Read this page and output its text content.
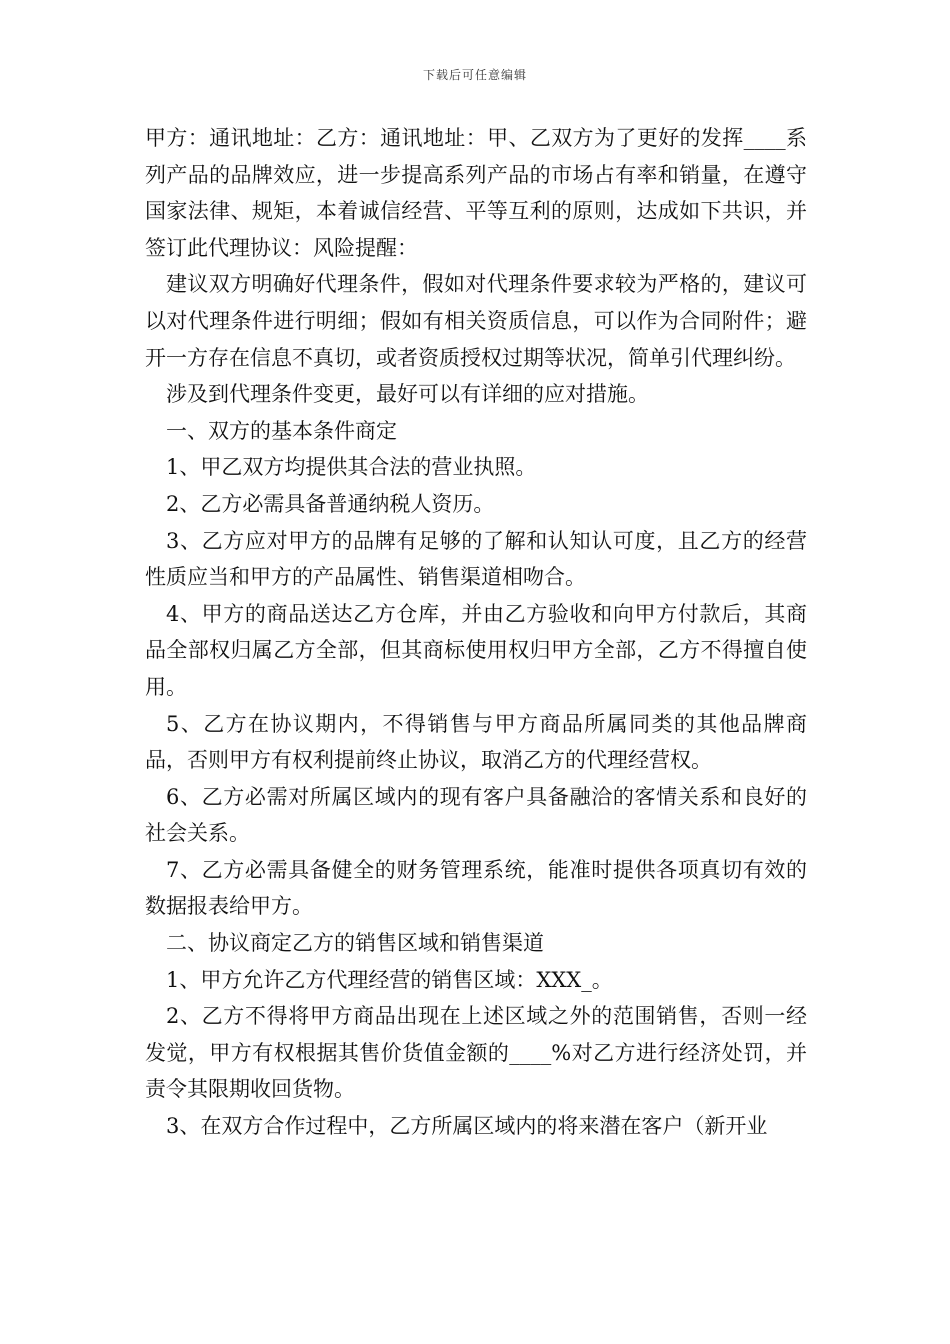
下载后可任意编辑

甲方：通讯地址：乙方：通讯地址：甲、乙双方为了更好的发挥____系列产品的品牌效应，进一步提高系列产品的市场占有率和销量，在遵守国家法律、规矩，本着诚信经营、平等互利的原则，达成如下共识，并签订此代理协议：风险提醒：

建议双方明确好代理条件，假如对代理条件要求较为严格的，建议可以对代理条件进行明细；假如有相关资质信息，可以作为合同附件；避开一方存在信息不真切，或者资质授权过期等状况，简单引代理纠纷。

涉及到代理条件变更，最好可以有详细的应对措施。

一、双方的基本条件商定

1、甲乙双方均提供其合法的营业执照。

2、乙方必需具备普通纳税人资历。

3、乙方应对甲方的品牌有足够的了解和认知认可度，且乙方的经营性质应当和甲方的产品属性、销售渠道相吻合。

4、甲方的商品送达乙方仓库，并由乙方验收和向甲方付款后，其商品全部权归属乙方全部，但其商标使用权归甲方全部，乙方不得擅自使用。

5、乙方在协议期内，不得销售与甲方商品所属同类的其他品牌商品，否则甲方有权利提前终止协议，取消乙方的代理经营权。

6、乙方必需对所属区域内的现有客户具备融洽的客情关系和良好的社会关系。

7、乙方必需具备健全的财务管理系统，能准时提供各项真切有效的数据报表给甲方。

二、协议商定乙方的销售区域和销售渠道

1、甲方允许乙方代理经营的销售区域：XXX_。

2、乙方不得将甲方商品出现在上述区域之外的范围销售，否则一经发觉，甲方有权根据其售价货值金额的____%对乙方进行经济处罚，并责令其限期收回货物。

3、在双方合作过程中，乙方所属区域内的将来潜在客户（新开业
